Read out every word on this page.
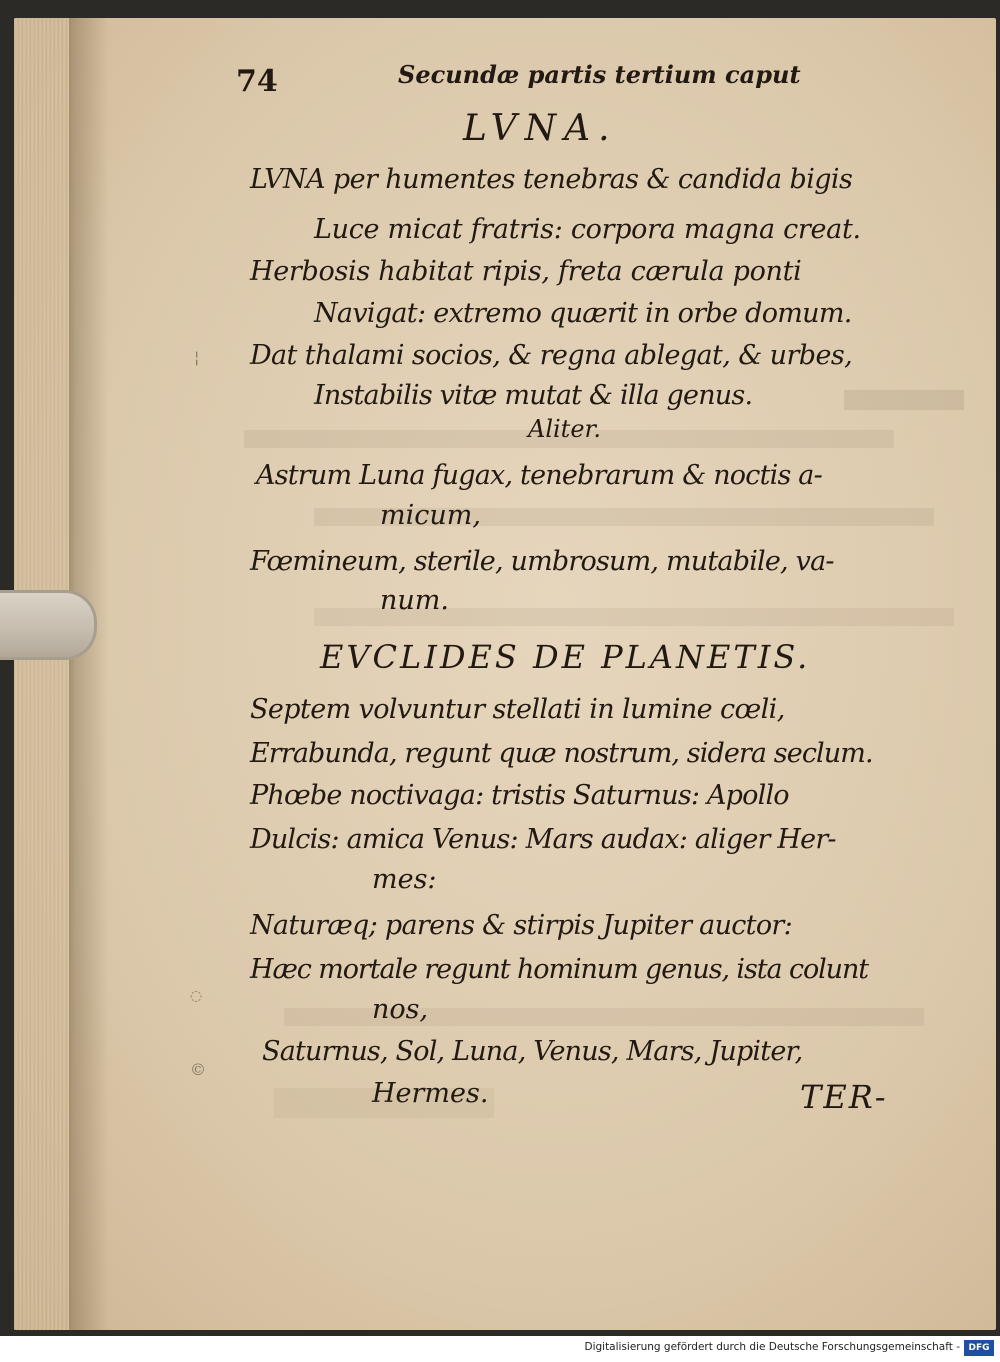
¦
◌
©
74	Secundæ partis tertium caput
LVNA.
LVNA per humentes tenebras & candida bigis
Luce micat fratris: corpora magna creat.
Herbosis habitat ripis, freta cærula ponti
Navigat: extremo quærit in orbe domum.
Dat thalami socios, & regna ablegat, & urbes,
Instabilis vitæ mutat & illa genus.
Aliter.
Astrum Luna fugax, tenebrarum & noctis a-
micum,
Fœmineum, sterile, umbrosum, mutabile, va-
num.
EVCLIDES DE PLANETIS.
Septem volvuntur stellati in lumine cœli,
Errabunda, regunt quæ nostrum, sidera seclum.
Phœbe noctivaga: tristis Saturnus: Apollo
Dulcis: amica Venus: Mars audax: aliger Her-
mes:
Naturæq; parens & stirpis Jupiter auctor:
Hæc mortale regunt hominum genus, ista colunt
nos,
Saturnus, Sol, Luna, Venus, Mars, Jupiter,
Hermes.	TER-
Digitalisierung gefördert durch die Deutsche Forschungsgemeinschaft - DFG
